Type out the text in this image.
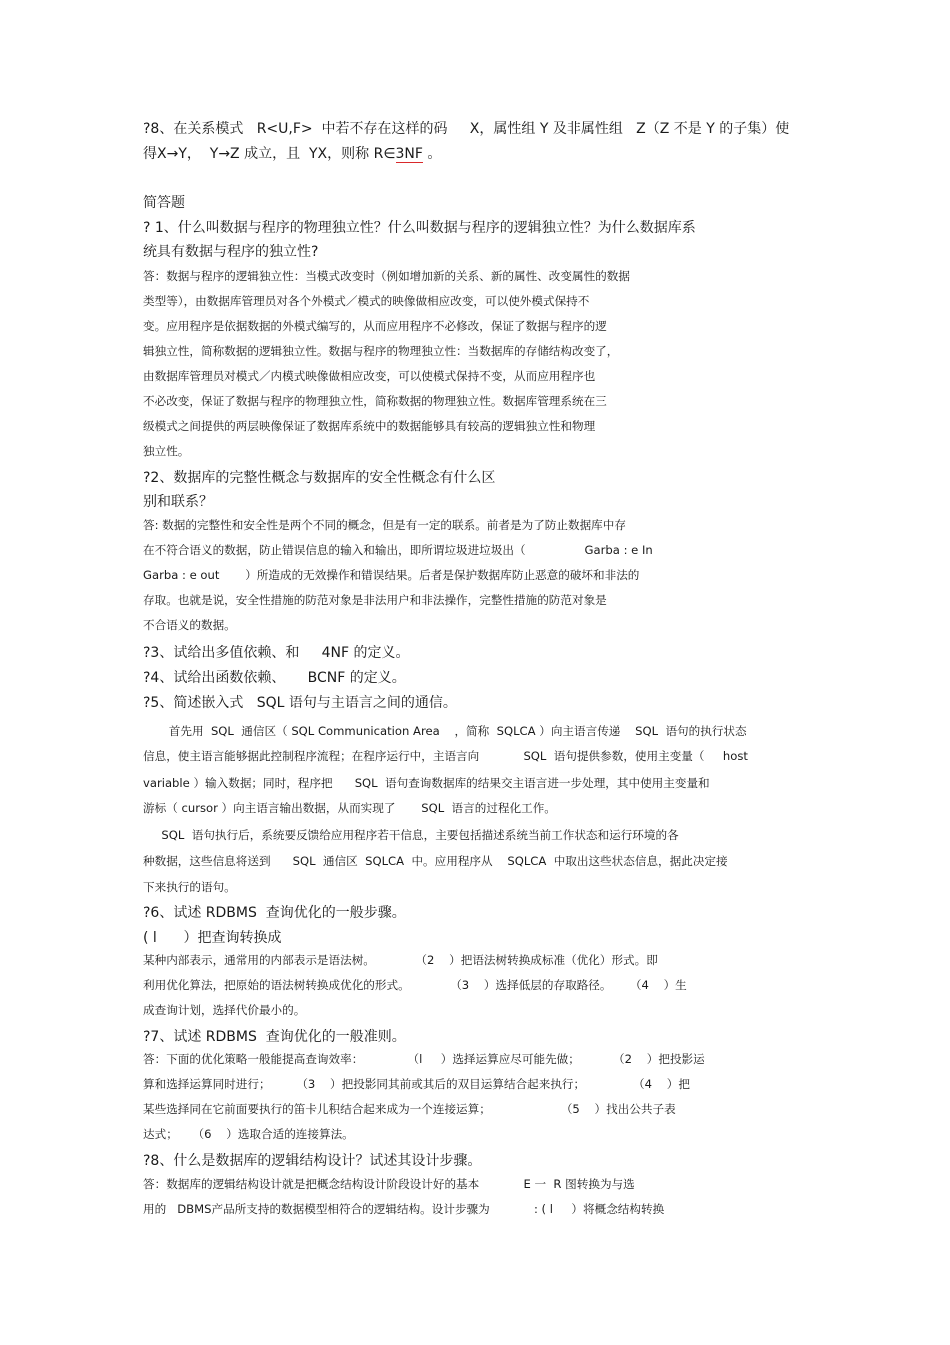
?8、在关系模式   R<U,F>  中若不存在这样的码     X，属性组 Y 及非属性组   Z（Z 不是 Y 的子集）使
得X→Y，  Y→Z 成立，且  YX，则称 R∈3NF 。
简答题
? 1、什么叫数据与程序的物理独立性？什么叫数据与程序的逻辑独立性？为什么数据库系
统具有数据与程序的独立性?
答：数据与程序的逻辑独立性：当模式改变时（例如增加新的关系、新的属性、改变属性的数据
类型等），由数据库管理员对各个外模式／模式的映像做相应改变，可以使外模式保持不
变。应用程序是依据数据的外模式编写的，从而应用程序不必修改，保证了数据与程序的逻
辑独立性，简称数据的逻辑独立性。数据与程序的物理独立性：当数据库的存储结构改变了，
由数据库管理员对模式／内模式映像做相应改变，可以使模式保持不变，从而应用程序也
不必改变，保证了数据与程序的物理独立性，简称数据的物理独立性。数据库管理系统在三
级模式之间提供的两层映像保证了数据库系统中的数据能够具有较高的逻辑独立性和物理
独立性。
?2、数据库的完整性概念与数据库的安全性概念有什么区
别和联系？
答: 数据的完整性和安全性是两个不同的概念，但是有一定的联系。前者是为了防止数据库中存
在不符合语义的数据，防止错误信息的输入和输出，即所谓垃圾进垃圾出（                Garba : e In
Garba : e out       ）所造成的无效操作和错误结果。后者是保护数据库防止恶意的破坏和非法的
存取。也就是说，安全性措施的防范对象是非法用户和非法操作，完整性措施的防范对象是
不合语义的数据。
?3、试给出多值依赖、和     4NF 的定义。
?4、试给出函数依赖、     BCNF 的定义。
?5、简述嵌入式   SQL 语句与主语言之间的通信。
首先用  SQL  通信区（ SQL Communication Area    ，简称  SQLCA ）向主语言传递    SQL  语句的执行状态
信息，使主语言能够据此控制程序流程；在程序运行中，主语言向            SQL  语句提供参数，使用主变量（     host
variable ）输入数据；同时，程序把      SQL  语句查询数据库的结果交主语言进一步处理，其中使用主变量和
游标（ cursor ）向主语言输出数据，从而实现了       SQL  语言的过程化工作。
SQL  语句执行后，系统要反馈给应用程序若干信息，主要包括描述系统当前工作状态和运行环境的各
种数据，这些信息将送到      SQL  通信区  SQLCA  中。应用程序从    SQLCA  中取出这些状态信息，据此决定接
下来执行的语句。
?6、试述 RDBMS  查询优化的一般步骤。
( l      ）把查询转换成
某种内部表示，通常用的内部表示是语法树。           （2    ）把语法树转换成标准（优化）形式。即
利用优化算法，把原始的语法树转换成优化的形式。           （3    ）选择低层的存取路径。     （4    ）生
成查询计划，选择代价最小的。
?7、试述 RDBMS  查询优化的一般准则。
答：下面的优化策略一般能提高查询效率：            （l     ）选择运算应尽可能先做；         （2    ）把投影运
算和选择运算同时进行；       （3    ）把投影同其前或其后的双目运算结合起来执行；             （4    ）把
某些选择同在它前面要执行的笛卡儿积结合起来成为一个连接运算；                   （5    ）找出公共子表
达式；    （6    ）选取合适的连接算法。
?8、什么是数据库的逻辑结构设计？试述其设计步骤。
答：数据库的逻辑结构设计就是把概念结构设计阶段设计好的基本            E 一  R 图转换为与选
用的   DBMS产品所支持的数据模型相符合的逻辑结构。设计步骤为            : ( l     ）将概念结构转换
